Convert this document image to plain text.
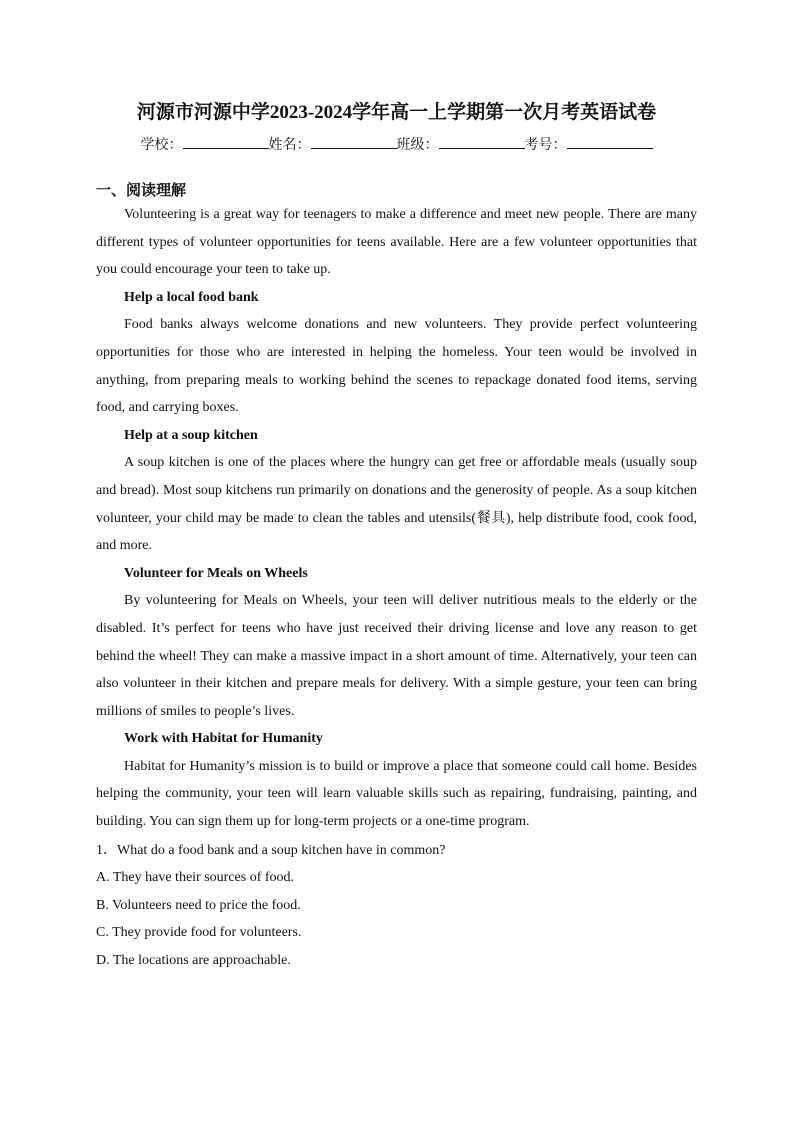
河源市河源中学2023-2024学年高一上学期第一次月考英语试卷
学校：	姓名：	班级：	考号：
一、阅读理解

Volunteering is a great way for teenagers to make a difference and meet new people. There are many different types of volunteer opportunities for teens available. Here are a few volunteer opportunities that you could encourage your teen to take up.

Help a local food bank

Food banks always welcome donations and new volunteers. They provide perfect volunteering opportunities for those who are interested in helping the homeless. Your teen would be involved in anything, from preparing meals to working behind the scenes to repackage donated food items, serving food, and carrying boxes.

Help at a soup kitchen

A soup kitchen is one of the places where the hungry can get free or affordable meals (usually soup and bread). Most soup kitchens run primarily on donations and the generosity of people. As a soup kitchen volunteer, your child may be made to clean the tables and utensils(餐具), help distribute food, cook food, and more.

Volunteer for Meals on Wheels

By volunteering for Meals on Wheels, your teen will deliver nutritious meals to the elderly or the disabled. It’s perfect for teens who have just received their driving license and love any reason to get behind the wheel! They can make a massive impact in a short amount of time. Alternatively, your teen can also volunteer in their kitchen and prepare meals for delivery. With a simple gesture, your teen can bring millions of smiles to people’s lives.

Work with Habitat for Humanity

Habitat for Humanity’s mission is to build or improve a place that someone could call home. Besides helping the community, your teen will learn valuable skills such as repairing, fundraising, painting, and building. You can sign them up for long-term projects or a one-time program.

1．What do a food bank and a soup kitchen have in common?
A. They have their sources of food.
B. Volunteers need to price the food.
C. They provide food for volunteers.
D. The locations are approachable.
